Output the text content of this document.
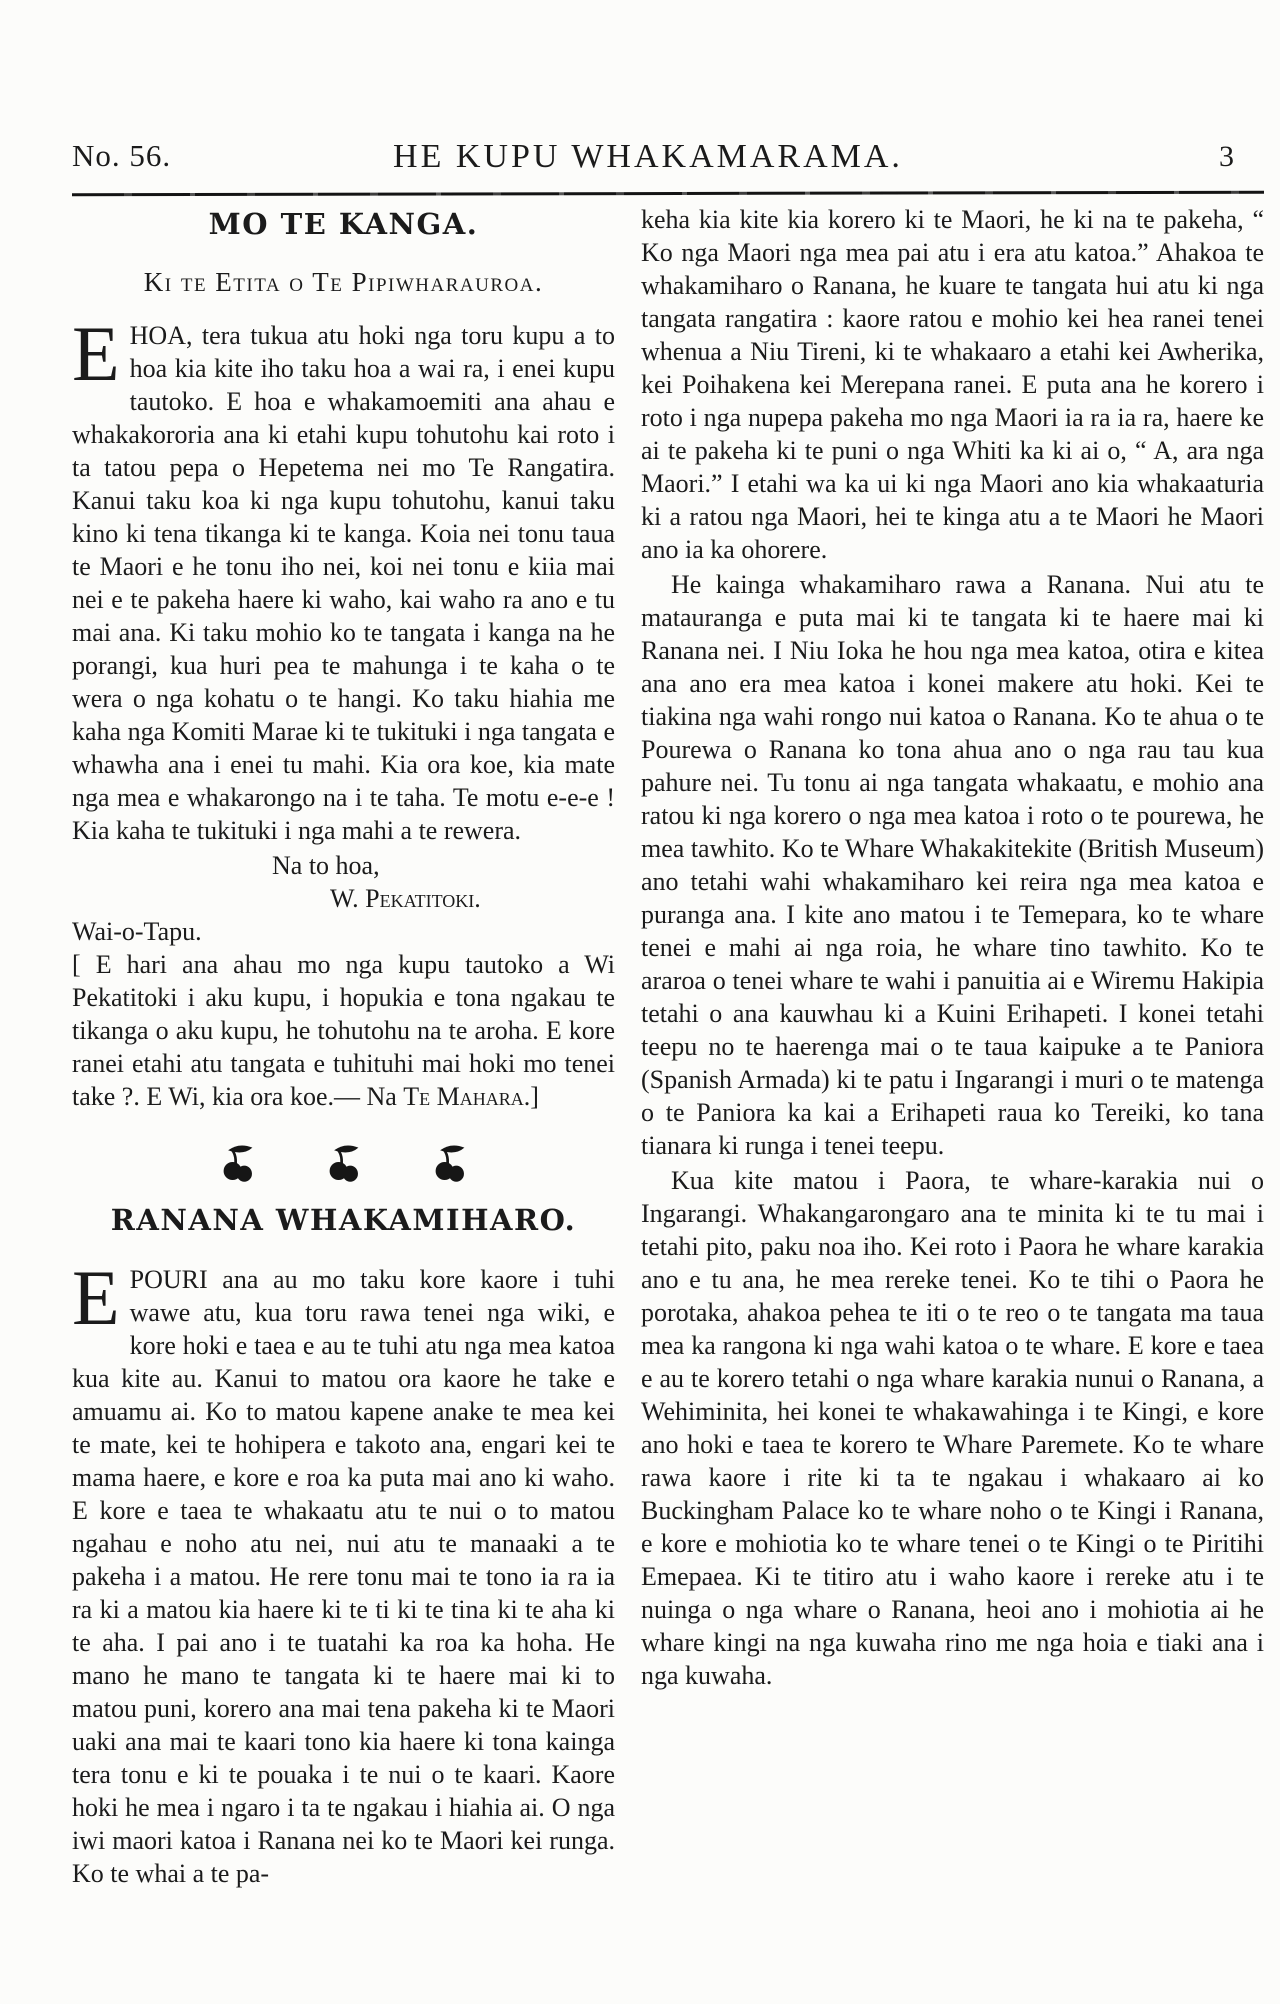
No. 56.	HE KUPU WHAKAMARAMA.	3
MO TE KANGA.
Ki te Etita o Te Pipiwharauroa.

EHOA, tera tukua atu hoki nga toru kupu a to hoa kia kite iho taku hoa a wai ra, i enei kupu tautoko. E hoa e whakamoemiti ana ahau e whakakororia ana ki etahi kupu tohutohu kai roto i ta tatou pepa o Hepetema nei mo Te Rangatira. Kanui taku koa ki nga kupu tohutohu, kanui taku kino ki tena tikanga ki te kanga. Koia nei tonu taua te Maori e he tonu iho nei, koi nei tonu e kiia mai nei e te pakeha haere ki waho, kai waho ra ano e tu mai ana. Ki taku mohio ko te tangata i kanga na he porangi, kua huri pea te mahunga i te kaha o te wera o nga kohatu o te hangi. Ko taku hiahia me kaha nga Komiti Marae ki te tukituki i nga tangata e whawha ana i enei tu mahi. Kia ora koe, kia mate nga mea e whakarongo na i te taha. Te motu e-e-e ! Kia kaha te tukituki i nga mahi a te rewera.

Na to hoa,
W. Pekatitoki.
Wai-o-Tapu.

[ E hari ana ahau mo nga kupu tautoko a Wi Pekatitoki i aku kupu, i hopukia e tona ngakau te tikanga o aku kupu, he tohutohu na te aroha. E kore ranei etahi atu tangata e tuhituhi mai hoki mo tenei take ?. E Wi, kia ora koe.— Na Te Mahara.]

RANANA WHAKAMIHARO.

EPOURI ana au mo taku kore kaore i tuhi wawe atu, kua toru rawa tenei nga wiki, e kore hoki e taea e au te tuhi atu nga mea katoa kua kite au. Kanui to matou ora kaore he take e amuamu ai. Ko to matou kapene anake te mea kei te mate, kei te hohipera e takoto ana, engari kei te mama haere, e kore e roa ka puta mai ano ki waho. E kore e taea te whakaatu atu te nui o to matou ngahau e noho atu nei, nui atu te manaaki a te pakeha i a matou. He rere tonu mai te tono ia ra ia ra ki a matou kia haere ki te ti ki te tina ki te aha ki te aha. I pai ano i te tuatahi ka roa ka hoha. He mano he mano te tangata ki te haere mai ki to matou puni, korero ana mai tena pakeha ki te Maori uaki ana mai te kaari tono kia haere ki tona kainga tera tonu e ki te pouaka i te nui o te kaari. Kaore hoki he mea i ngaro i ta te ngakau i hiahia ai. O nga iwi maori katoa i Ranana nei ko te Maori kei runga. Ko te whai a te pa-

keha kia kite kia korero ki te Maori, he ki na te pakeha, “ Ko nga Maori nga mea pai atu i era atu katoa.” Ahakoa te whakamiharo o Ranana, he kuare te tangata hui atu ki nga tangata rangatira : kaore ratou e mohio kei hea ranei tenei whenua a Niu Tireni, ki te whakaaro a etahi kei Awherika, kei Poihakena kei Merepana ranei. E puta ana he korero i roto i nga nupepa pakeha mo nga Maori ia ra ia ra, haere ke ai te pakeha ki te puni o nga Whiti ka ki ai o, “ A, ara nga Maori.” I etahi wa ka ui ki nga Maori ano kia whakaaturia ki a ratou nga Maori, hei te kinga atu a te Maori he Maori ano ia ka ohorere.

He kainga whakamiharo rawa a Ranana. Nui atu te matauranga e puta mai ki te tangata ki te haere mai ki Ranana nei. I Niu Ioka he hou nga mea katoa, otira e kitea ana ano era mea katoa i konei makere atu hoki. Kei te tiakina nga wahi rongo nui katoa o Ranana. Ko te ahua o te Pourewa o Ranana ko tona ahua ano o nga rau tau kua pahure nei. Tu tonu ai nga tangata whakaatu, e mohio ana ratou ki nga korero o nga mea katoa i roto o te pourewa, he mea tawhito. Ko te Whare Whakakitekite (British Museum) ano tetahi wahi whakamiharo kei reira nga mea katoa e puranga ana. I kite ano matou i te Temepara, ko te whare tenei e mahi ai nga roia, he whare tino tawhito. Ko te araroa o tenei whare te wahi i panuitia ai e Wiremu Hakipia tetahi o ana kauwhau ki a Kuini Erihapeti. I konei tetahi teepu no te haerenga mai o te taua kaipuke a te Paniora (Spanish Armada) ki te patu i Ingarangi i muri o te matenga o te Paniora ka kai a Erihapeti raua ko Tereiki, ko tana tianara ki runga i tenei teepu.

Kua kite matou i Paora, te whare-karakia nui o Ingarangi. Whakangarongaro ana te minita ki te tu mai i tetahi pito, paku noa iho. Kei roto i Paora he whare karakia ano e tu ana, he mea rereke tenei. Ko te tihi o Paora he porotaka, ahakoa pehea te iti o te reo o te tangata ma taua mea ka rangona ki nga wahi katoa o te whare. E kore e taea e au te korero tetahi o nga whare karakia nunui o Ranana, a Wehiminita, hei konei te whakawahinga i te Kingi, e kore ano hoki e taea te korero te Whare Paremete. Ko te whare rawa kaore i rite ki ta te ngakau i whakaaro ai ko Buckingham Palace ko te whare noho o te Kingi i Ranana, e kore e mohiotia ko te whare tenei o te Kingi o te Piritihi Emepaea. Ki te titiro atu i waho kaore i rereke atu i te nuinga o nga whare o Ranana, heoi ano i mohiotia ai he whare kingi na nga kuwaha rino me nga hoia e tiaki ana i nga kuwaha.
